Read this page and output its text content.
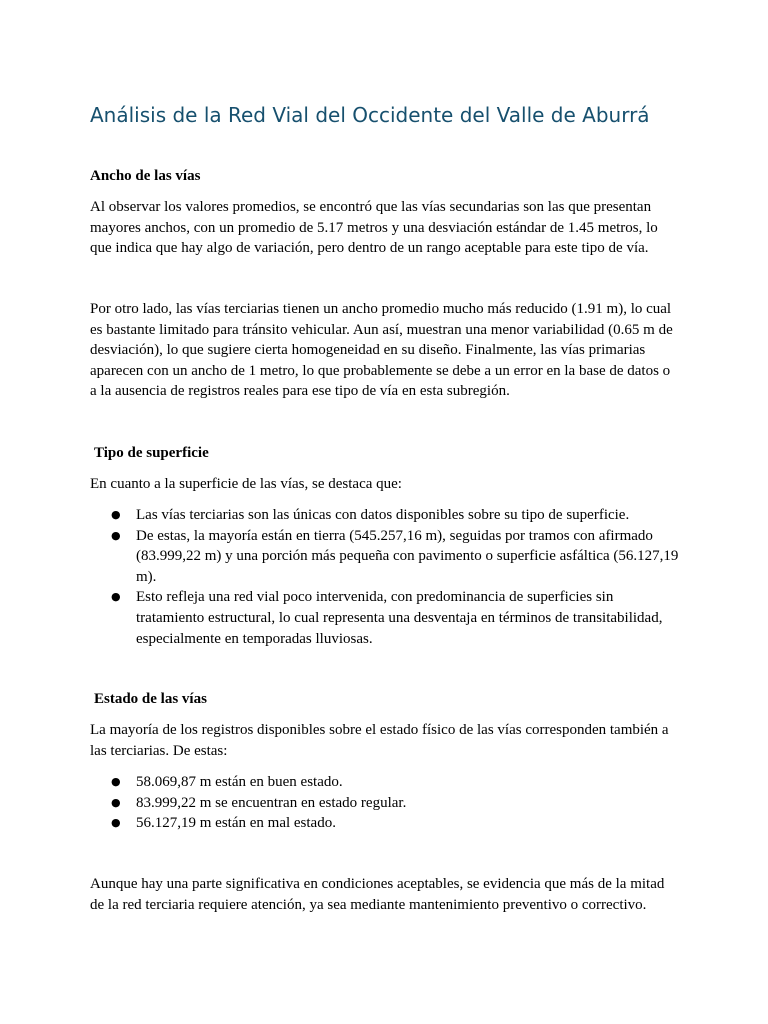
Análisis de la Red Vial del Occidente del Valle de Aburrá
Ancho de las vías

Al observar los valores promedios, se encontró que las vías secundarias son las que presentan mayores anchos, con un promedio de 5.17 metros y una desviación estándar de 1.45 metros, lo que indica que hay algo de variación, pero dentro de un rango aceptable para este tipo de vía.

Por otro lado, las vías terciarias tienen un ancho promedio mucho más reducido (1.91 m), lo cual es bastante limitado para tránsito vehicular. Aun así, muestran una menor variabilidad (0.65 m de desviación), lo que sugiere cierta homogeneidad en su diseño. Finalmente, las vías primarias aparecen con un ancho de 1 metro, lo que probablemente se debe a un error en la base de datos o a la ausencia de registros reales para ese tipo de vía en esta subregión.

Tipo de superficie

En cuanto a la superficie de las vías, se destaca que:

● Las vías terciarias son las únicas con datos disponibles sobre su tipo de superficie.
● De estas, la mayoría están en tierra (545.257,16 m), seguidas por tramos con afirmado (83.999,22 m) y una porción más pequeña con pavimento o superficie asfáltica (56.127,19 m).
● Esto refleja una red vial poco intervenida, con predominancia de superficies sin tratamiento estructural, lo cual representa una desventaja en términos de transitabilidad, especialmente en temporadas lluviosas.
Estado de las vías

La mayoría de los registros disponibles sobre el estado físico de las vías corresponden también a las terciarias. De estas:

● 58.069,87 m están en buen estado.
● 83.999,22 m se encuentran en estado regular.
● 56.127,19 m están en mal estado.

Aunque hay una parte significativa en condiciones aceptables, se evidencia que más de la mitad de la red terciaria requiere atención, ya sea mediante mantenimiento preventivo o correctivo.
